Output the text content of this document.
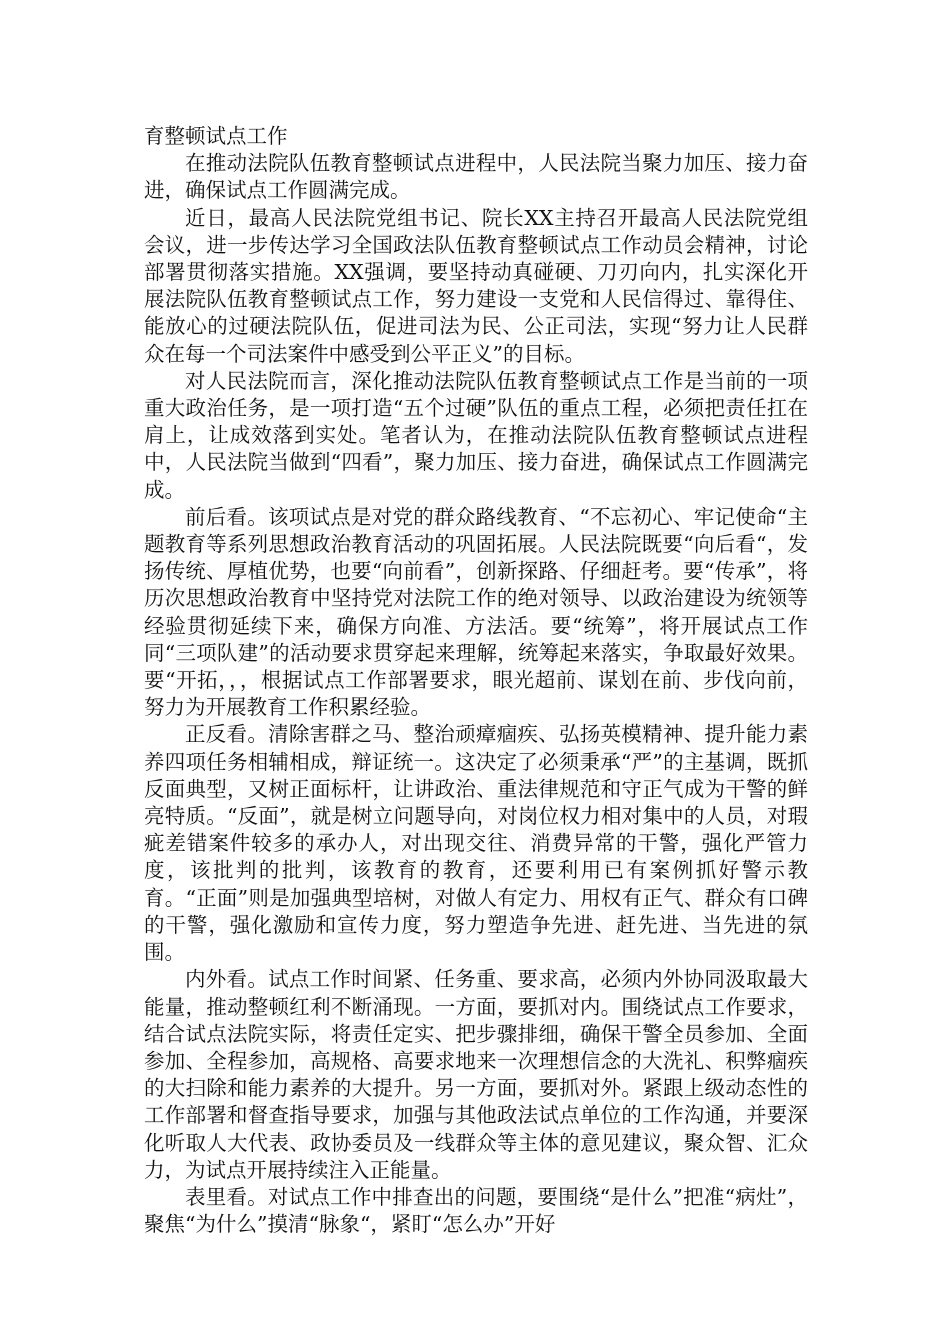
育整顿试点工作

在推动法院队伍教育整顿试点进程中，人民法院当聚力加压、接力奋进，确保试点工作圆满完成。

近日，最高人民法院党组书记、院长XX主持召开最高人民法院党组会议，进一步传达学习全国政法队伍教育整顿试点工作动员会精神，讨论部署贯彻落实措施。XX强调，要坚持动真碰硬、刀刃向内，扎实深化开展法院队伍教育整顿试点工作，努力建设一支党和人民信得过、靠得住、能放心的过硬法院队伍，促进司法为民、公正司法，实现“努力让人民群众在每一个司法案件中感受到公平正义”的目标。

对人民法院而言，深化推动法院队伍教育整顿试点工作是当前的一项重大政治任务，是一项打造“五个过硬”队伍的重点工程，必须把责任扛在肩上，让成效落到实处。笔者认为，在推动法院队伍教育整顿试点进程中，人民法院当做到“四看”，聚力加压、接力奋进，确保试点工作圆满完成。

前后看。该项试点是对党的群众路线教育、“不忘初心、牢记使命“主题教育等系列思想政治教育活动的巩固拓展。人民法院既要“向后看“，发扬传统、厚植优势，也要“向前看”，创新探路、仔细赶考。要“传承”，将历次思想政治教育中坚持党对法院工作的绝对领导、以政治建设为统领等经验贯彻延续下来，确保方向准、方法活。要“统筹”，将开展试点工作同“三项队建”的活动要求贯穿起来理解，统筹起来落实，争取最好效果。要“开拓，，，根据试点工作部署要求，眼光超前、谋划在前、步伐向前，努力为开展教育工作积累经验。

正反看。清除害群之马、整治顽瘴痼疾、弘扬英模精神、提升能力素养四项任务相辅相成，辩证统一。这决定了必须秉承“严”的主基调，既抓反面典型，又树正面标杆，让讲政治、重法律规范和守正气成为干警的鲜亮特质。“反面”，就是树立问题导向，对岗位权力相对集中的人员，对瑕疵差错案件较多的承办人，对出现交往、消费异常的干警，强化严管力度，该批判的批判，该教育的教育，还要利用已有案例抓好警示教育。“正面”则是加强典型培树，对做人有定力、用权有正气、群众有口碑的干警，强化激励和宣传力度，努力塑造争先进、赶先进、当先进的氛围。

内外看。试点工作时间紧、任务重、要求高，必须内外协同汲取最大能量，推动整顿红利不断涌现。一方面，要抓对内。围绕试点工作要求，结合试点法院实际，将责任定实、把步骤排细，确保干警全员参加、全面参加、全程参加，高规格、高要求地来一次理想信念的大洗礼、积弊痼疾的大扫除和能力素养的大提升。另一方面，要抓对外。紧跟上级动态性的工作部署和督查指导要求，加强与其他政法试点单位的工作沟通，并要深化听取人大代表、政协委员及一线群众等主体的意见建议，聚众智、汇众力，为试点开展持续注入正能量。

表里看。对试点工作中排查出的问题，要围绕“是什么”把准“病灶”，聚焦“为什么”摸清“脉象“，紧盯“怎么办”开好
